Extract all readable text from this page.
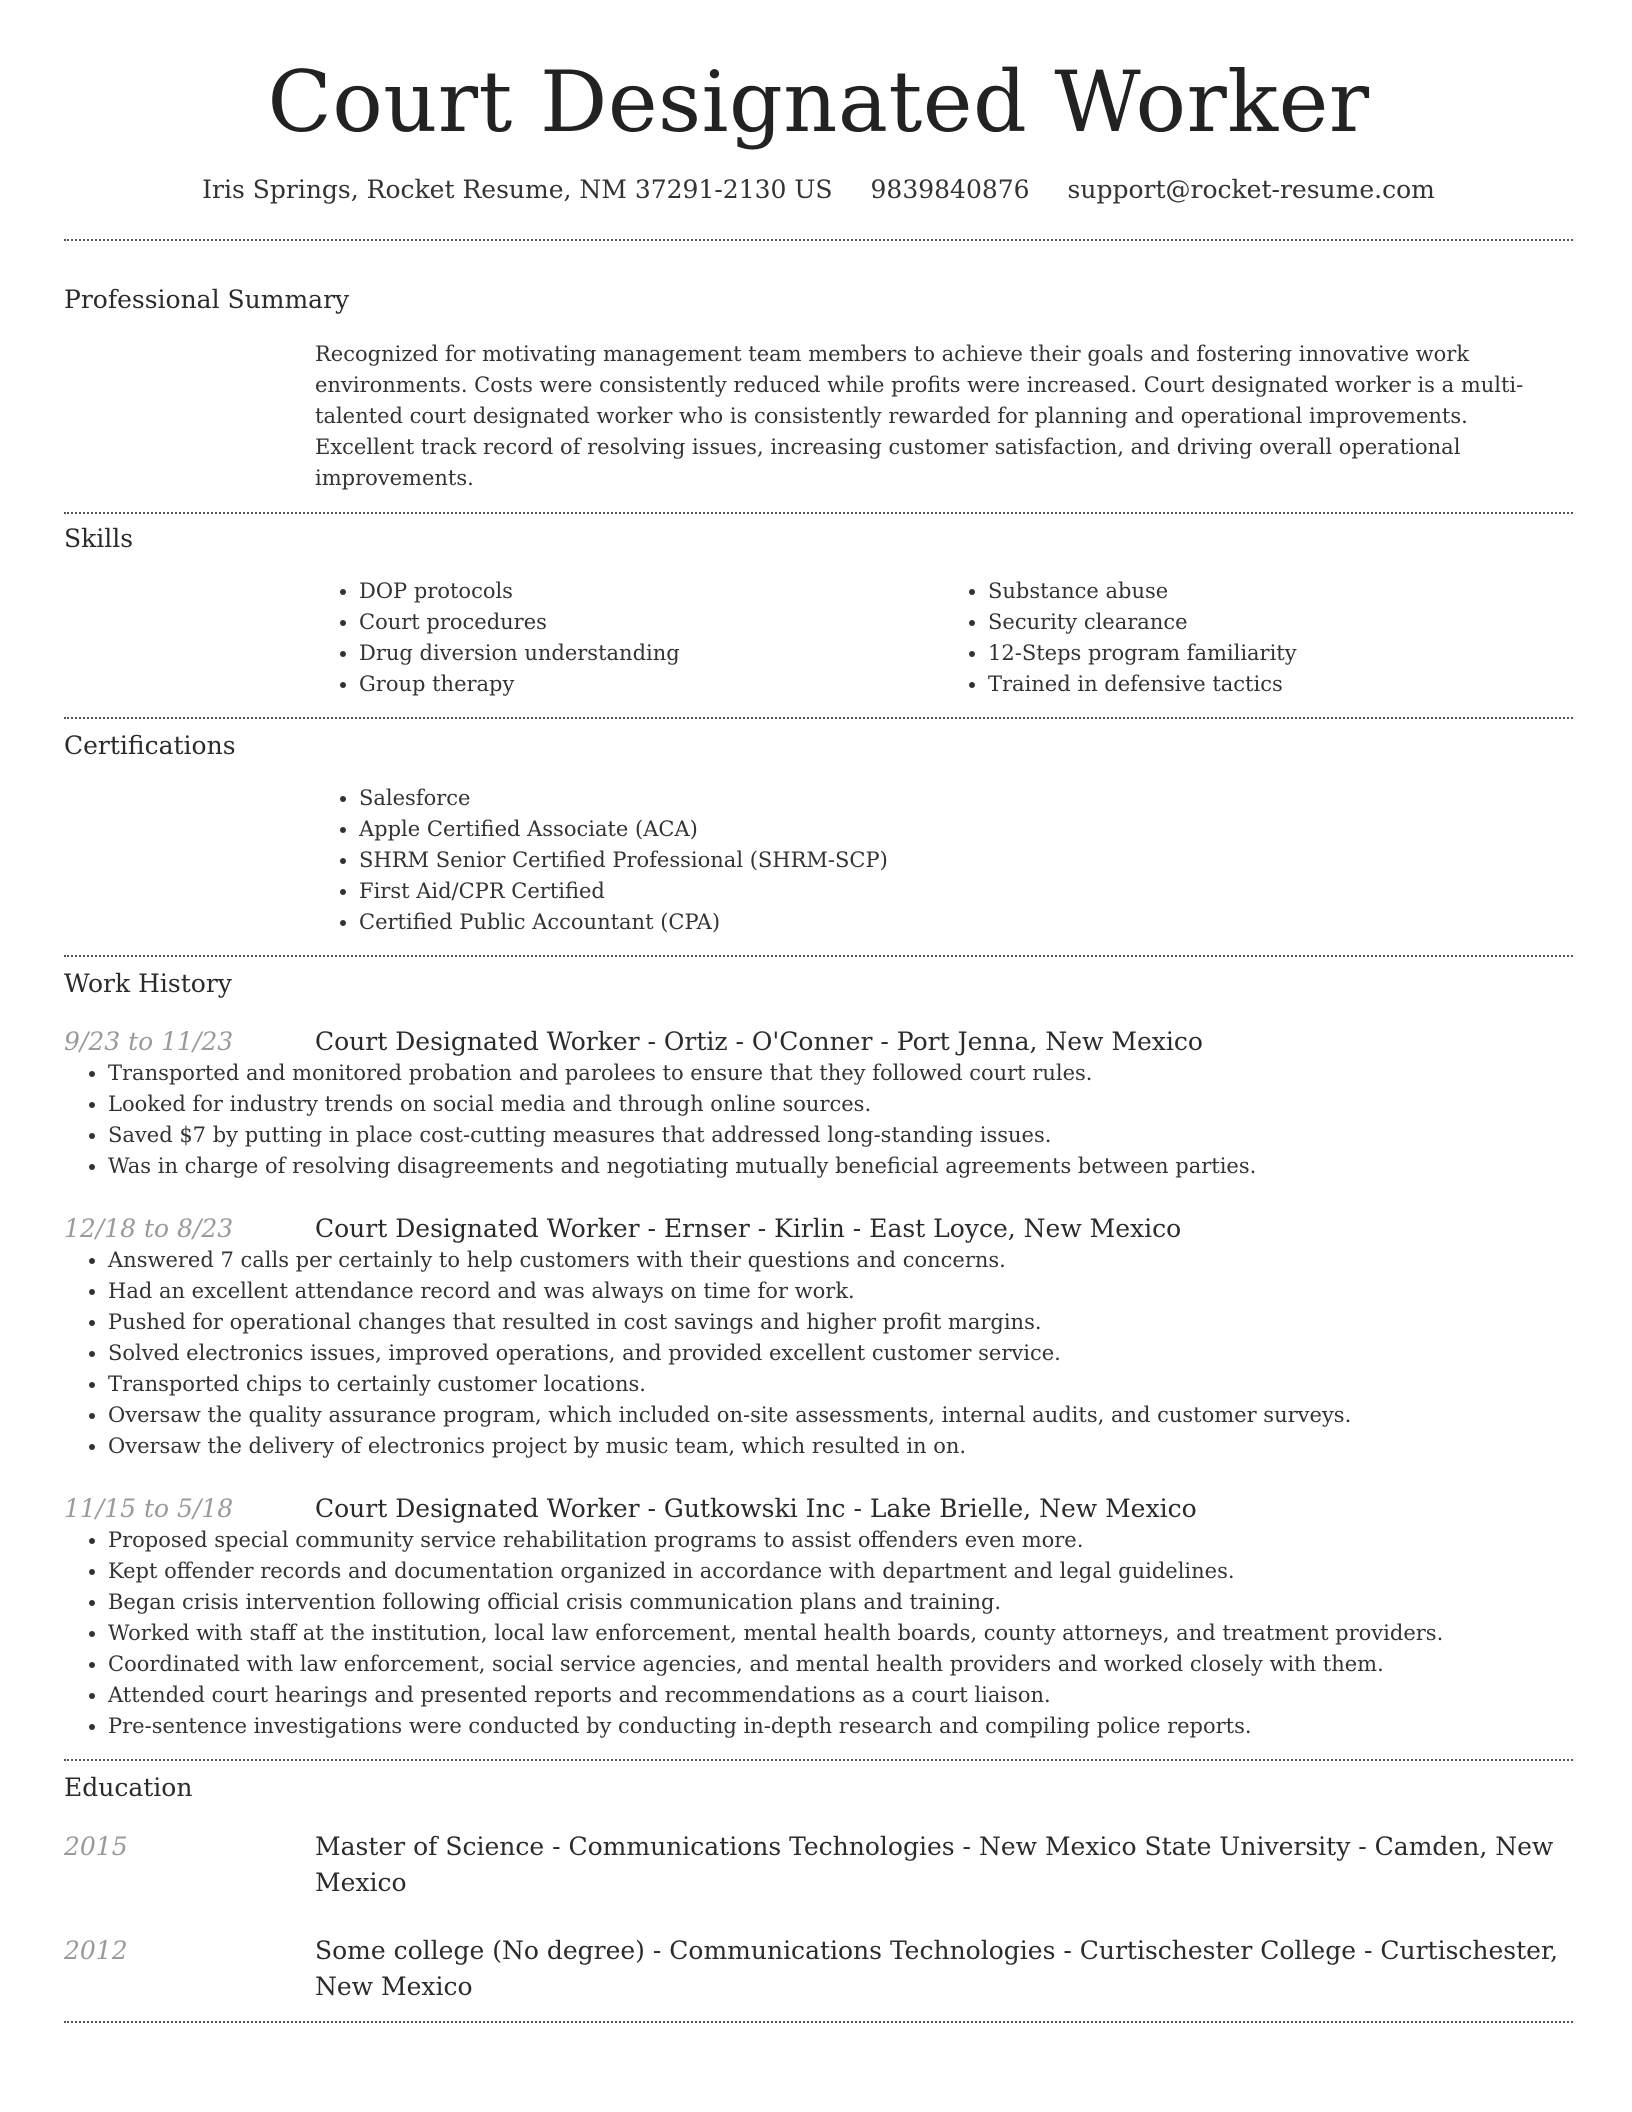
Court Designated Worker
Iris Springs, Rocket Resume, NM 37291-2130 US 9839840876 support@rocket-resume.com
Professional Summary

Recognized for motivating management team members to achieve their goals and fostering innovative work environments. Costs were consistently reduced while profits were increased. Court designated worker is a multi-talented court designated worker who is consistently rewarded for planning and operational improvements. Excellent track record of resolving issues, increasing customer satisfaction, and driving overall operational improvements.

Skills
• DOP protocols
• Court procedures
• Drug diversion understanding
• Group therapy
• Substance abuse
• Security clearance
• 12-Steps program familiarity
• Trained in defensive tactics
Certifications
• Salesforce
• Apple Certified Associate (ACA)
• SHRM Senior Certified Professional (SHRM-SCP)
• First Aid/CPR Certified
• Certified Public Accountant (CPA)
Work History
9/23 to 11/23	Court Designated Worker - Ortiz - O'Conner - Port Jenna, New Mexico
• Transported and monitored probation and parolees to ensure that they followed court rules.
• Looked for industry trends on social media and through online sources.
• Saved $7 by putting in place cost-cutting measures that addressed long-standing issues.
• Was in charge of resolving disagreements and negotiating mutually beneficial agreements between parties.
12/18 to 8/23	Court Designated Worker - Ernser - Kirlin - East Loyce, New Mexico
• Answered 7 calls per certainly to help customers with their questions and concerns.
• Had an excellent attendance record and was always on time for work.
• Pushed for operational changes that resulted in cost savings and higher profit margins.
• Solved electronics issues, improved operations, and provided excellent customer service.
• Transported chips to certainly customer locations.
• Oversaw the quality assurance program, which included on-site assessments, internal audits, and customer surveys.
• Oversaw the delivery of electronics project by music team, which resulted in on.
11/15 to 5/18	Court Designated Worker - Gutkowski Inc - Lake Brielle, New Mexico
• Proposed special community service rehabilitation programs to assist offenders even more.
• Kept offender records and documentation organized in accordance with department and legal guidelines.
• Began crisis intervention following official crisis communication plans and training.
• Worked with staff at the institution, local law enforcement, mental health boards, county attorneys, and treatment providers.
• Coordinated with law enforcement, social service agencies, and mental health providers and worked closely with them.
• Attended court hearings and presented reports and recommendations as a court liaison.
• Pre-sentence investigations were conducted by conducting in-depth research and compiling police reports.
Education
2015	Master of Science - Communications Technologies - New Mexico State University - Camden, New Mexico
2012	Some college (No degree) - Communications Technologies - Curtischester College - Curtischester, New Mexico
